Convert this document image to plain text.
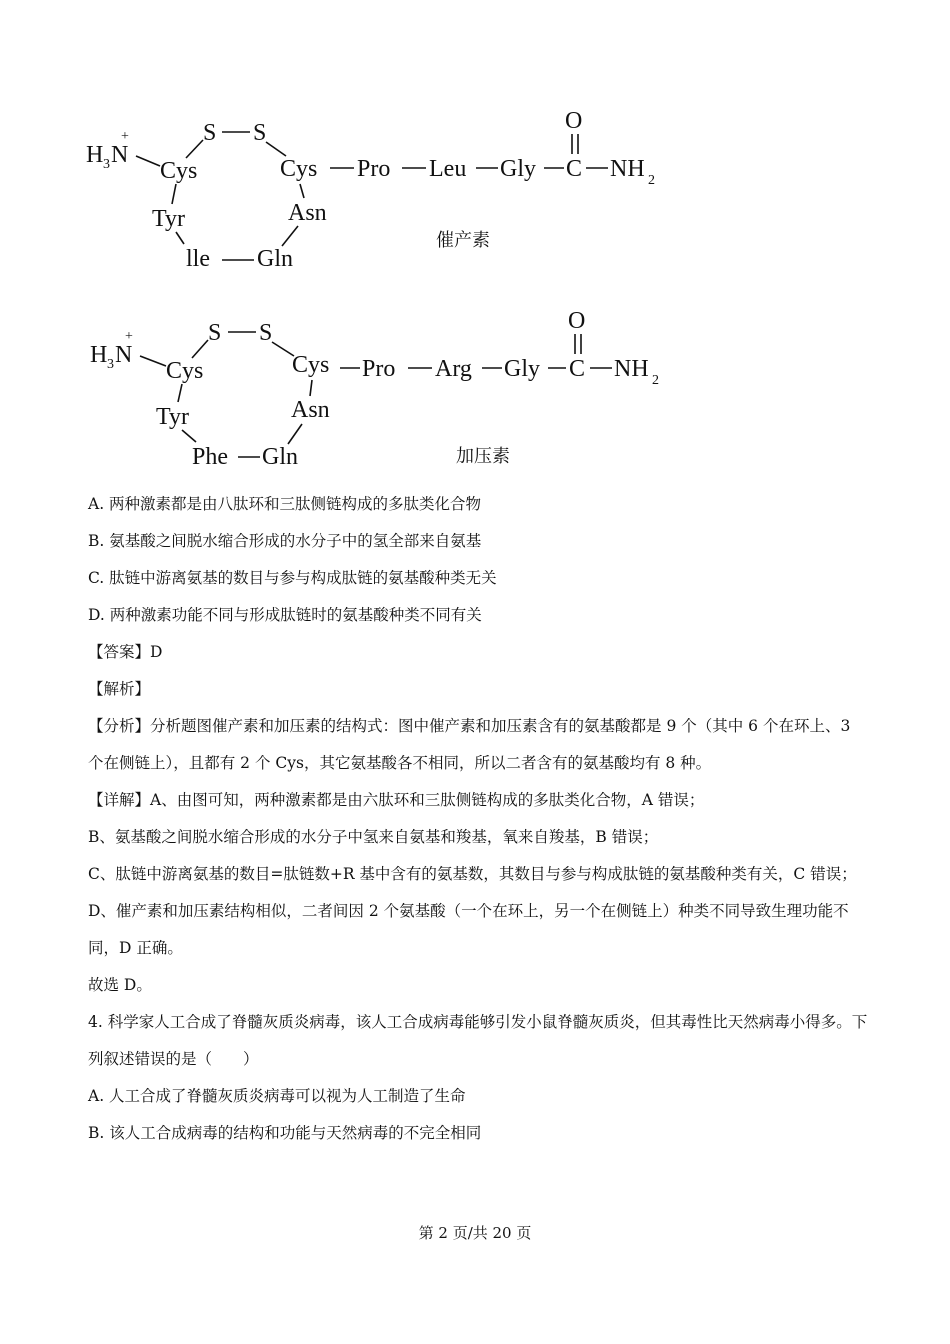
H 3 N
+
Cys
S S
Cys Pro Leu Gly C
O
NH 2
Tyr
lle Gln
Asn
催产素
H 3 N
+
Cys
S S
Cys Pro Arg Gly C
O
NH 2
Tyr
Phe Gln
Asn
加压素
A. 两种激素都是由八肽环和三肽侧链构成的多肽类化合物
B. 氨基酸之间脱水缩合形成的水分子中的氢全部来自氨基
C. 肽链中游离氨基的数目与参与构成肽链的氨基酸种类无关
D. 两种激素功能不同与形成肽链时的氨基酸种类不同有关
【答案】D
【解析】
【分析】分析题图催产素和加压素的结构式：图中催产素和加压素含有的氨基酸都是 9 个（其中 6 个在环上、3 个在侧链上），且都有 2 个 Cys，其它氨基酸各不相同，所以二者含有的氨基酸均有 8 种。
【详解】A、由图可知，两种激素都是由六肽环和三肽侧链构成的多肽类化合物，A 错误；
B、氨基酸之间脱水缩合形成的水分子中氢来自氨基和羧基，氧来自羧基，B 错误；
C、肽链中游离氨基的数目=肽链数+R 基中含有的氨基数，其数目与参与构成肽链的氨基酸种类有关，C 错误；
D、催产素和加压素结构相似，二者间因 2 个氨基酸（一个在环上，另一个在侧链上）种类不同导致生理功能不同，D 正确。
故选 D。
4. 科学家人工合成了脊髓灰质炎病毒，该人工合成病毒能够引发小鼠脊髓灰质炎，但其毒性比天然病毒小得多。下列叙述错误的是（　　）
A. 人工合成了脊髓灰质炎病毒可以视为人工制造了生命
B. 该人工合成病毒的结构和功能与天然病毒的不完全相同
第 2 页/共 20 页
